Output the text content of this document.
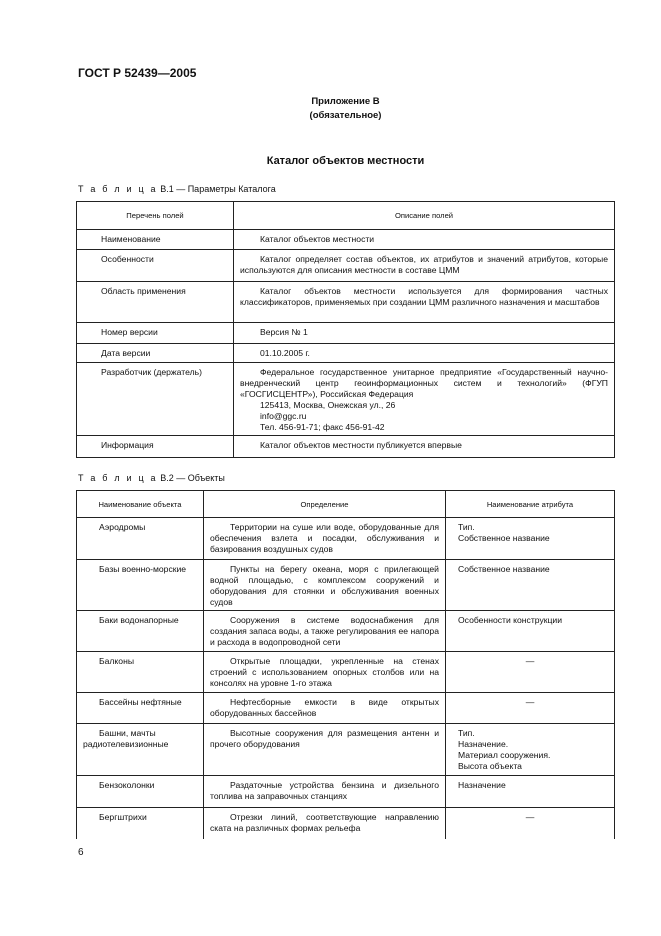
ГОСТ Р 52439—2005
Приложение В
(обязательное)
Каталог объектов местности
Т а б л и ц а В.1 — Параметры Каталога
Перечень полей	Описание полей
Наименование	Каталог объектов местности

Особенности	Каталог определяет состав объектов, их атрибутов и значений атрибутов, которые используются для описания местности в составе ЦММ

Область применения	Каталог объектов местности используется для формирования частных классификаторов, применяемых при создании ЦММ различного назначения и масштабов

Номер версии	Версия № 1

Дата версии	01.10.2005 г.

Разработчик (держатель)	Федеральное государственное унитарное предприятие «Государственный научно-внедренческий центр геоинформационных систем и технологий» (ФГУП «ГОСГИСЦЕНТР»), Российская Федерация
125413, Москва, Онежская ул., 26
info@ggc.ru
Тел. 456-91-71; факс 456-91-42

Информация	Каталог объектов местности публикуется впервые
Т а б л и ц а В.2 — Объекты
Наименование объекта	Определение	Наименование атрибута
Аэродромы	Территории на суше или воде, оборудованные для обеспечения взлета и посадки, обслуживания и базирования воздушных судов	Тип.
Собственное название
Базы военно-морские	Пункты на берегу океана, моря с прилегающей водной площадью, с комплексом сооружений и оборудования для стоянки и обслуживания военных судов	Собственное название
Баки водонапорные	Сооружения в системе водоснабжения для создания запаса воды, а также регулирования ее напора и расхода в водопроводной сети	Особенности конструкции
Балконы	Открытые площадки, укрепленные на стенах строений с использованием опорных столбов или на консолях на уровне 1-го этажа	—
Бассейны нефтяные	Нефтесборные емкости в виде открытых оборудованных бассейнов	—
Башни, мачты радиотелевизионные	Высотные сооружения для размещения антенн и прочего оборудования	Тип.
Назначение.
Материал сооружения.
Высота объекта
Бензоколонки	Раздаточные устройства бензина и дизельного топлива на заправочных станциях	Назначение
Бергштрихи	Отрезки линий, соответствующие направлению ската на различных формах рельефа	—
6
